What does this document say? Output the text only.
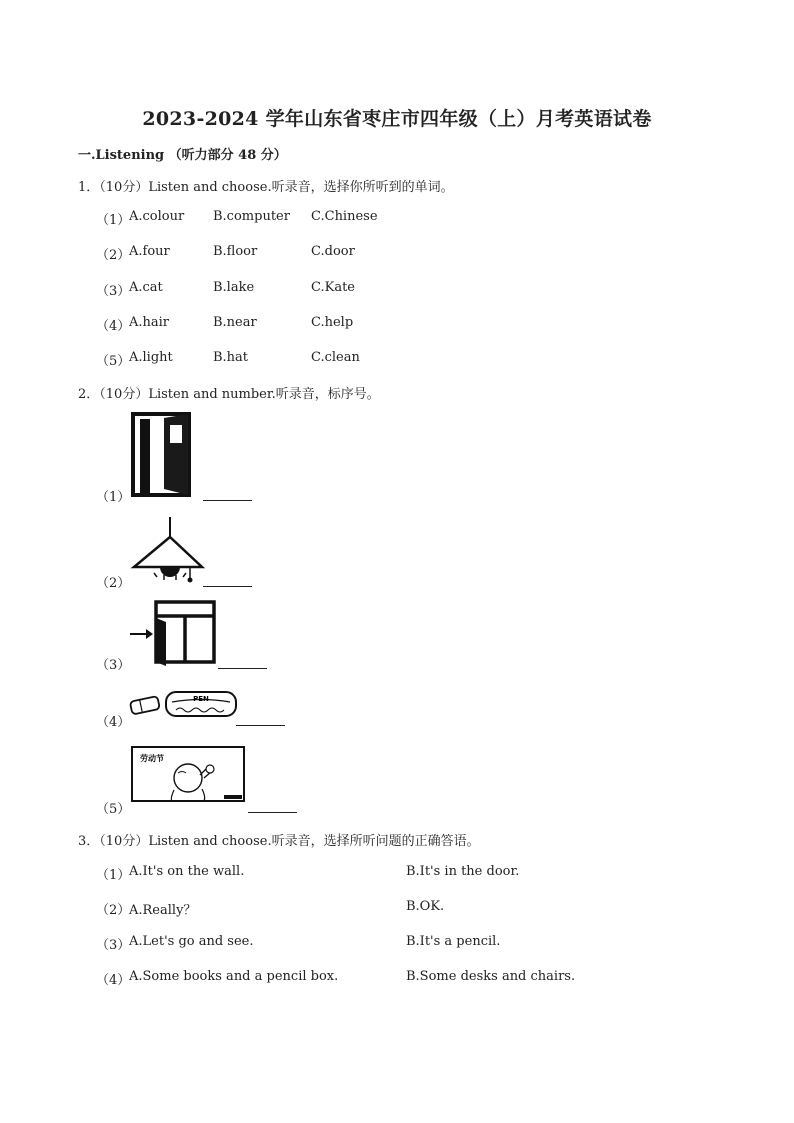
2023-2024 学年山东省枣庄市四年级（上）月考英语试卷
一.Listening （听力部分 48 分）
1．（10分）Listen and choose.听录音，选择你所听到的单词。
（1）
A.colour B.computer C.Chinese
（2）
A.four	B.floor	C.door
（3）
A.cat	B.lake	C.Kate
（4）
A.hair	B.near	C.help
（5）
A.light	B.hat	C.clean
2．（10分）Listen and number.听录音，标序号。
（1）
（2）
（3）
（4）
PEN
（5）
劳动节
3．（10分）Listen and choose.听录音，选择所听问题的正确答语。
（1）
A.It's on the wall.	B.It's in the door.
（2）
A.Really？	B.OK.
（3）
A.Let's go and see.	B.It's a pencil.
（4）
A.Some books and a pencil box.	B.Some desks and chairs.
